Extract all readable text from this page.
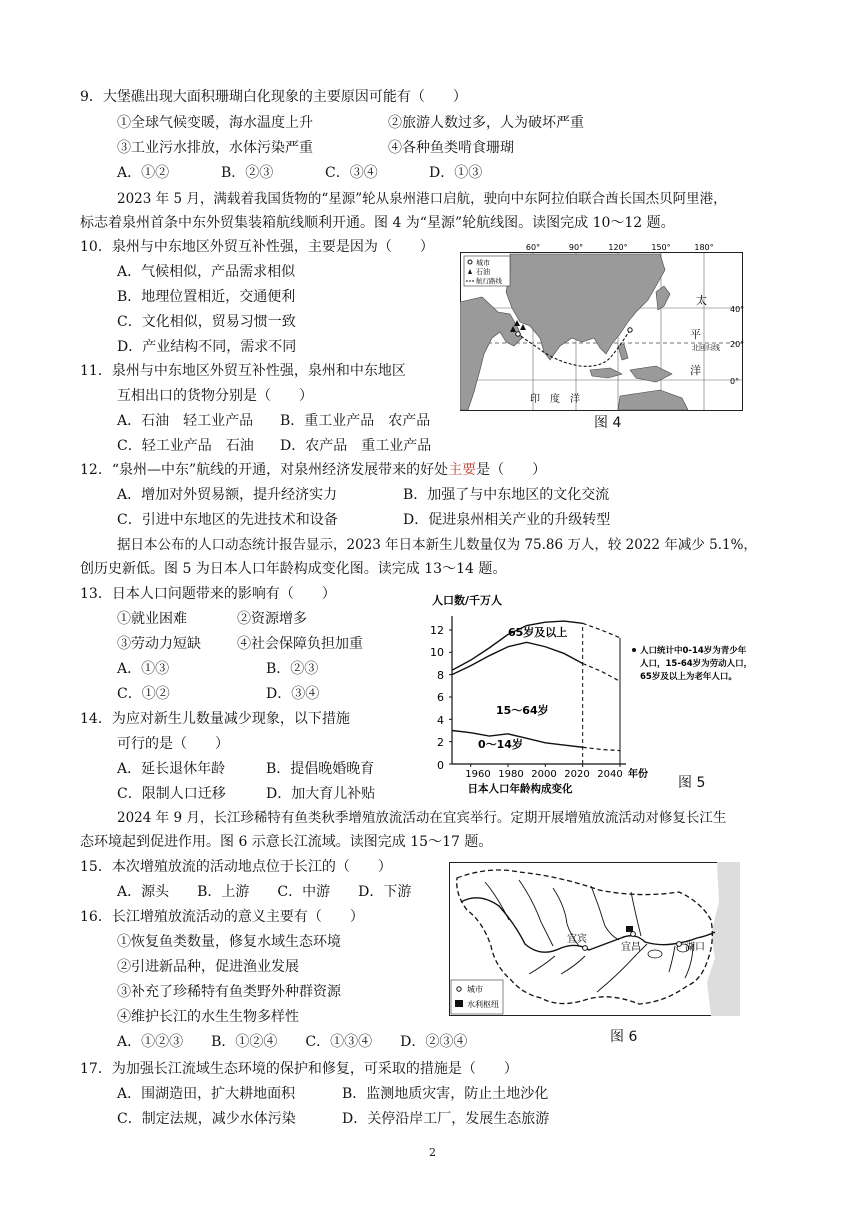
9．大堡礁出现大面积珊瑚白化现象的主要原因可能有（　　）
①全球气候变暖，海水温度上升	②旅游人数过多，人为破坏严重
③工业污水排放，水体污染严重	④各种鱼类啃食珊瑚
A．①②	B．②③	C．③④	D．①③
2023 年 5 月，满载着我国货物的“星源”轮从泉州港口启航，驶向中东阿拉伯联合酋长国杰贝阿里港，
标志着泉州首条中东外贸集装箱航线顺利开通。图 4 为“星源”轮航线图。读图完成 10～12 题。
10．泉州与中东地区外贸互补性强，主要是因为（　　）
A．气候相似，产品需求相似
B．地理位置相近，交通便利
C．文化相似，贸易习惯一致
D．产业结构不同，需求不同
11．泉州与中东地区外贸互补性强，泉州和中东地区
互相出口的货物分别是（　　）
A．石油　轻工业产品 B．重工业产品　农产品
C．轻工业产品　石油 D．农产品　重工业产品
60°	90°	120°	150°	180°
40°
20°
0°
城市
石油
航行路线
太
平
洋
北回归线
印　度　洋
图 4
12．“泉州—中东”航线的开通，对泉州经济发展带来的好处主要是（　　）
A．增加对外贸易额，提升经济实力	B．加强了与中东地区的文化交流
C．引进中东地区的先进技术和设备	D．促进泉州相关产业的升级转型
据日本公布的人口动态统计报告显示，2023 年日本新生儿数量仅为 75.86 万人，较 2022 年减少 5.1%，
创历史新低。图 5 为日本人口年龄构成变化图。读完成 13～14 题。
13．日本人口问题带来的影响有（　　）
①就业困难	②资源增多
③劳动力短缺	④社会保障负担加重
A．①③	B．②③
C．①②	D．③④
14．为应对新生儿数量减少现象，以下措施
可行的是（　　）
A．延长退休年龄	B．提倡晚婚晚育
C．限制人口迁移	D．加大育儿补贴
人口数/千万人
12
10
8
6
4
2
0
1960 1980 2000 2020 2040 年份
日本人口年龄构成变化
65岁及以上
15～64岁
0～14岁
人口统计中0-14岁为青少年
人口，15-64岁为劳动人口，
65岁及以上为老年人口。
图 5
2024 年 9 月，长江珍稀特有鱼类秋季增殖放流活动在宜宾举行。定期开展增殖放流活动对修复长江生
态环境起到促进作用。图 6 示意长江流域。读图完成 15～17 题。
15．本次增殖放流的活动地点位于长江的（　　）
A．源头　　B．上游　　C．中游　　D．下游
16．长江增殖放流活动的意义主要有（　　）
①恢复鱼类数量，修复水域生态环境
②引进新品种，促进渔业发展
③补充了珍稀特有鱼类野外种群资源
④维护长江的水生生物多样性
A．①②③　　B．①②④　　C．①③④　　D．②③④
宜宾
宜昌	湖口
城市
水利枢纽
图 6
17．为加强长江流域生态环境的保护和修复，可采取的措施是（　　）
A．围湖造田，扩大耕地面积	B．监测地质灾害，防止土地沙化
C．制定法规，减少水体污染	D．关停沿岸工厂，发展生态旅游
2
